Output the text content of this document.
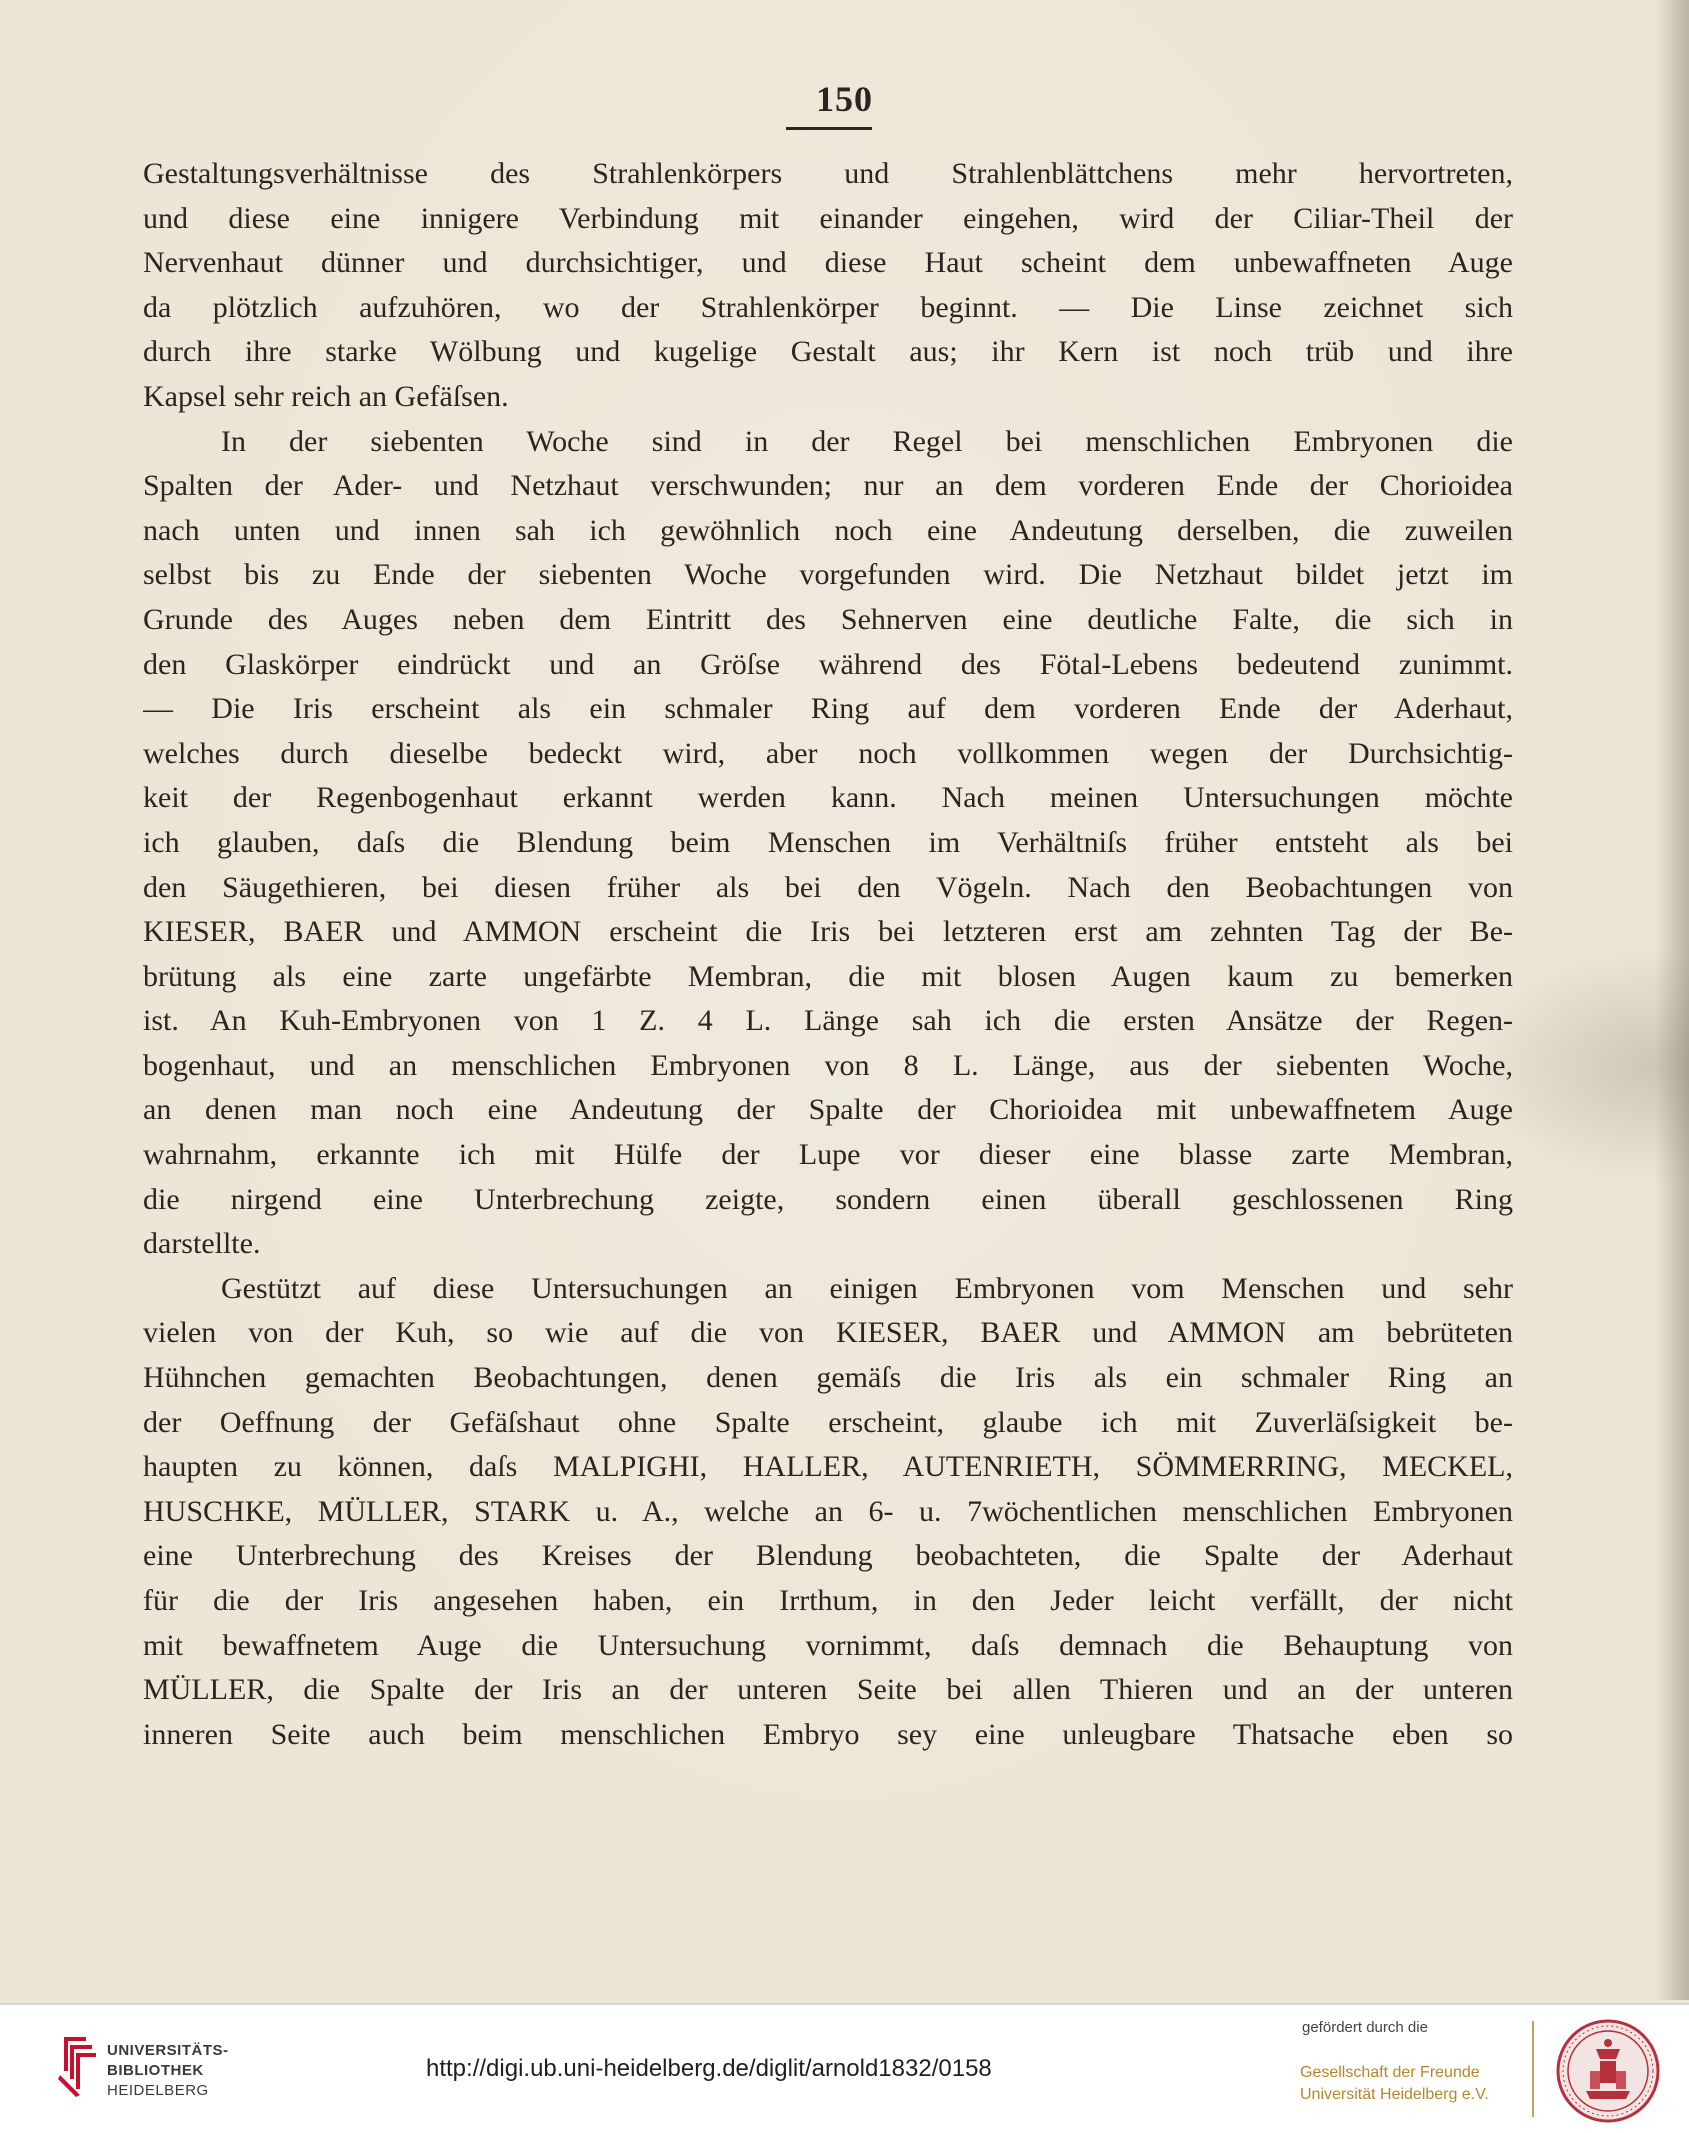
150
Gestaltungsverhältnisse des Strahlenkörpers und Strahlenblättchens mehr hervortreten,
und diese eine innigere Verbindung mit einander eingehen, wird der Ciliar-Theil der
Nervenhaut dünner und durchsichtiger, und diese Haut scheint dem unbewaffneten Auge
da plötzlich aufzuhören, wo der Strahlenkörper beginnt. — Die Linse zeichnet sich
durch ihre starke Wölbung und kugelige Gestalt aus; ihr Kern ist noch trüb und ihre
Kapsel sehr reich an Gefäſsen.
In der siebenten Woche sind in der Regel bei menschlichen Embryonen die
Spalten der Ader- und Netzhaut verschwunden; nur an dem vorderen Ende der Chorioidea
nach unten und innen sah ich gewöhnlich noch eine Andeutung derselben, die zuweilen
selbst bis zu Ende der siebenten Woche vorgefunden wird. Die Netzhaut bildet jetzt im
Grunde des Auges neben dem Eintritt des Sehnerven eine deutliche Falte, die sich in
den Glaskörper eindrückt und an Gröſse während des Fötal-Lebens bedeutend zunimmt.
— Die Iris erscheint als ein schmaler Ring auf dem vorderen Ende der Aderhaut,
welches durch dieselbe bedeckt wird, aber noch vollkommen wegen der Durchsichtig-
keit der Regenbogenhaut erkannt werden kann. Nach meinen Untersuchungen möchte
ich glauben, daſs die Blendung beim Menschen im Verhältniſs früher entsteht als bei
den Säugethieren, bei diesen früher als bei den Vögeln. Nach den Beobachtungen von
KIESER, BAER und AMMON erscheint die Iris bei letzteren erst am zehnten Tag der Be-
brütung als eine zarte ungefärbte Membran, die mit blosen Augen kaum zu bemerken
ist. An Kuh-Embryonen von 1 Z. 4 L. Länge sah ich die ersten Ansätze der Regen-
bogenhaut, und an menschlichen Embryonen von 8 L. Länge, aus der siebenten Woche,
an denen man noch eine Andeutung der Spalte der Chorioidea mit unbewaffnetem Auge
wahrnahm, erkannte ich mit Hülfe der Lupe vor dieser eine blasse zarte Membran,
die nirgend eine Unterbrechung zeigte, sondern einen überall geschlossenen Ring
darstellte.
Gestützt auf diese Untersuchungen an einigen Embryonen vom Menschen und sehr
vielen von der Kuh, so wie auf die von KIESER, BAER und AMMON am bebrüteten
Hühnchen gemachten Beobachtungen, denen gemäſs die Iris als ein schmaler Ring an
der Oeffnung der Gefäſshaut ohne Spalte erscheint, glaube ich mit Zuverläſsigkeit be-
haupten zu können, daſs MALPIGHI, HALLER, AUTENRIETH, SÖMMERRING, MECKEL,
HUSCHKE, MÜLLER, STARK u. A., welche an 6- u. 7wöchentlichen menschlichen Embryonen
eine Unterbrechung des Kreises der Blendung beobachteten, die Spalte der Aderhaut
für die der Iris angesehen haben, ein Irrthum, in den Jeder leicht verfällt, der nicht
mit bewaffnetem Auge die Untersuchung vornimmt, daſs demnach die Behauptung von
MÜLLER, die Spalte der Iris an der unteren Seite bei allen Thieren und an der unteren
inneren Seite auch beim menschlichen Embryo sey eine unleugbare Thatsache eben so
UNIVERSITÄTS-
BIBLIOTHEK
HEIDELBERG
http://digi.ub.uni-heidelberg.de/diglit/arnold1832/0158
gefördert durch die
Gesellschaft der Freunde
Universität Heidelberg e.V.
